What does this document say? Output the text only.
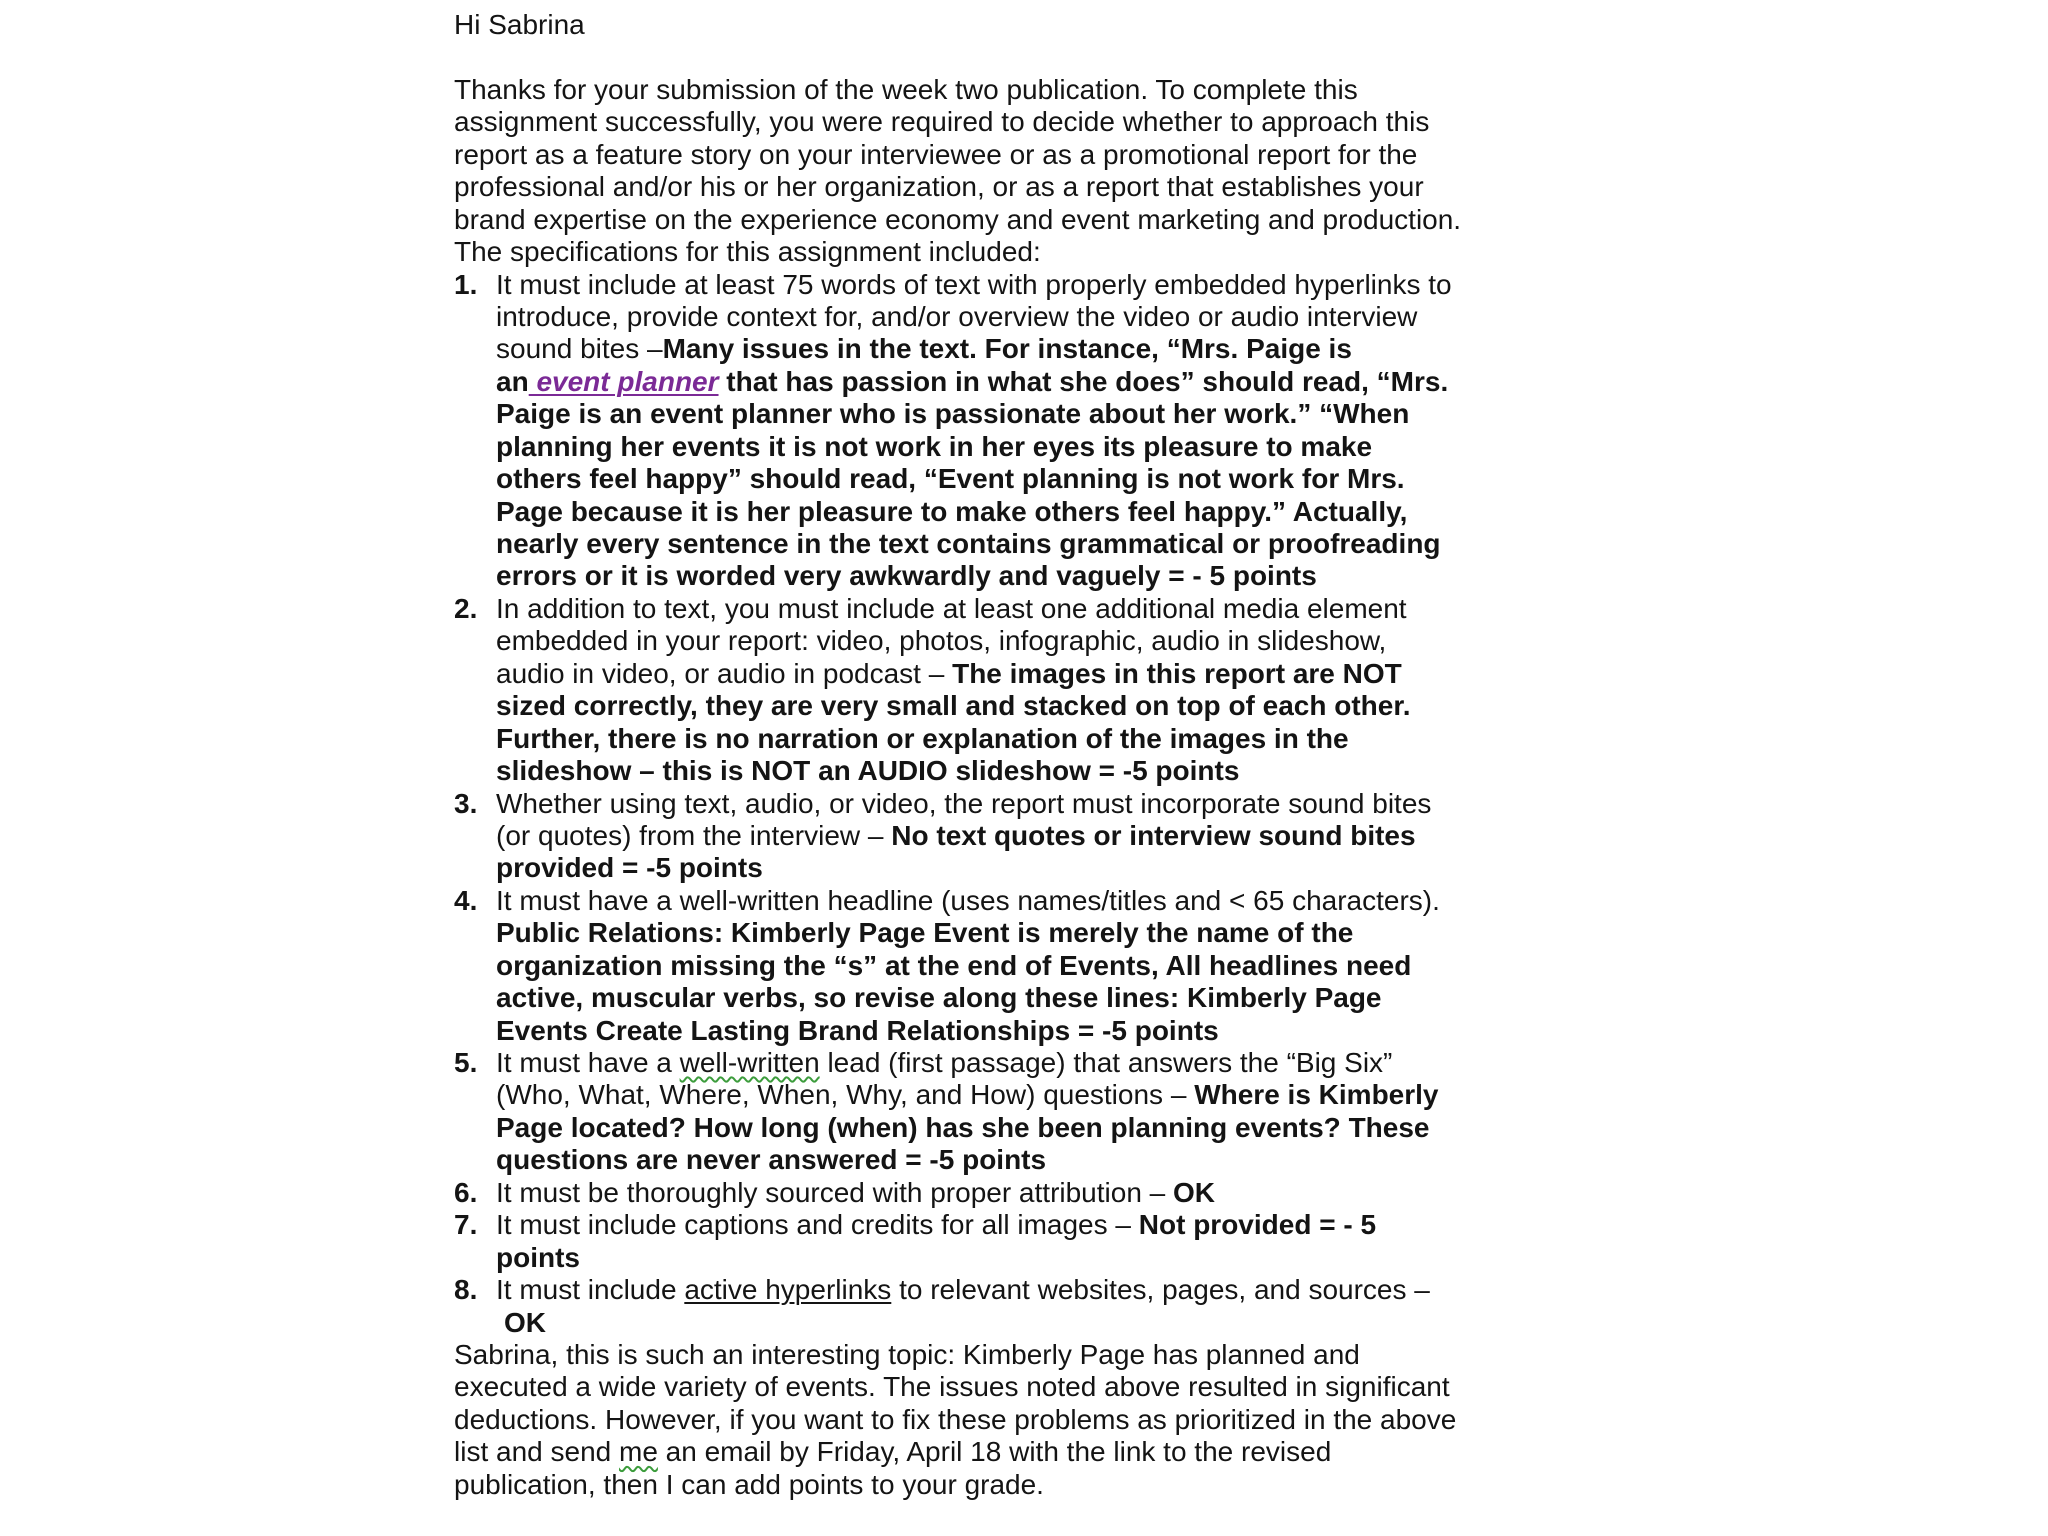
Hi Sabrina
Thanks for your submission of the week two publication. To complete this
assignment successfully, you were required to decide whether to approach this
report as a feature story on your interviewee or as a promotional report for the
professional and/or his or her organization, or as a report that establishes your
brand expertise on the experience economy and event marketing and production.
The specifications for this assignment included:
1. It must include at least 75 words of text with properly embedded hyperlinks to
introduce, provide context for, and/or overview the video or audio interview
sound bites –Many issues in the text. For instance, “Mrs. Paige is
an event planner that has passion in what she does” should read, “Mrs.
Paige is an event planner who is passionate about her work.” “When
planning her events it is not work in her eyes its pleasure to make
others feel happy” should read, “Event planning is not work for Mrs.
Page because it is her pleasure to make others feel happy.” Actually,
nearly every sentence in the text contains grammatical or proofreading
errors or it is worded very awkwardly and vaguely = - 5 points
2. In addition to text, you must include at least one additional media element
embedded in your report: video, photos, infographic, audio in slideshow,
audio in video, or audio in podcast – The images in this report are NOT
sized correctly, they are very small and stacked on top of each other.
Further, there is no narration or explanation of the images in the
slideshow – this is NOT an AUDIO slideshow = -5 points
3. Whether using text, audio, or video, the report must incorporate sound bites
(or quotes) from the interview – No text quotes or interview sound bites
provided = -5 points
4. It must have a well-written headline (uses names/titles and < 65 characters).
Public Relations: Kimberly Page Event is merely the name of the
organization missing the “s” at the end of Events, All headlines need
active, muscular verbs, so revise along these lines: Kimberly Page
Events Create Lasting Brand Relationships = -5 points
5. It must have a well-written lead (first passage) that answers the “Big Six”
(Who, What, Where, When, Why, and How) questions – Where is Kimberly
Page located? How long (when) has she been planning events? These
questions are never answered = -5 points
6. It must be thoroughly sourced with proper attribution – OK
7. It must include captions and credits for all images – Not provided = - 5
points
8. It must include active hyperlinks to relevant websites, pages, and sources –
OK
Sabrina, this is such an interesting topic: Kimberly Page has planned and
executed a wide variety of events. The issues noted above resulted in significant
deductions. However, if you want to fix these problems as prioritized in the above
list and send me an email by Friday, April 18 with the link to the revised
publication, then I can add points to your grade.
